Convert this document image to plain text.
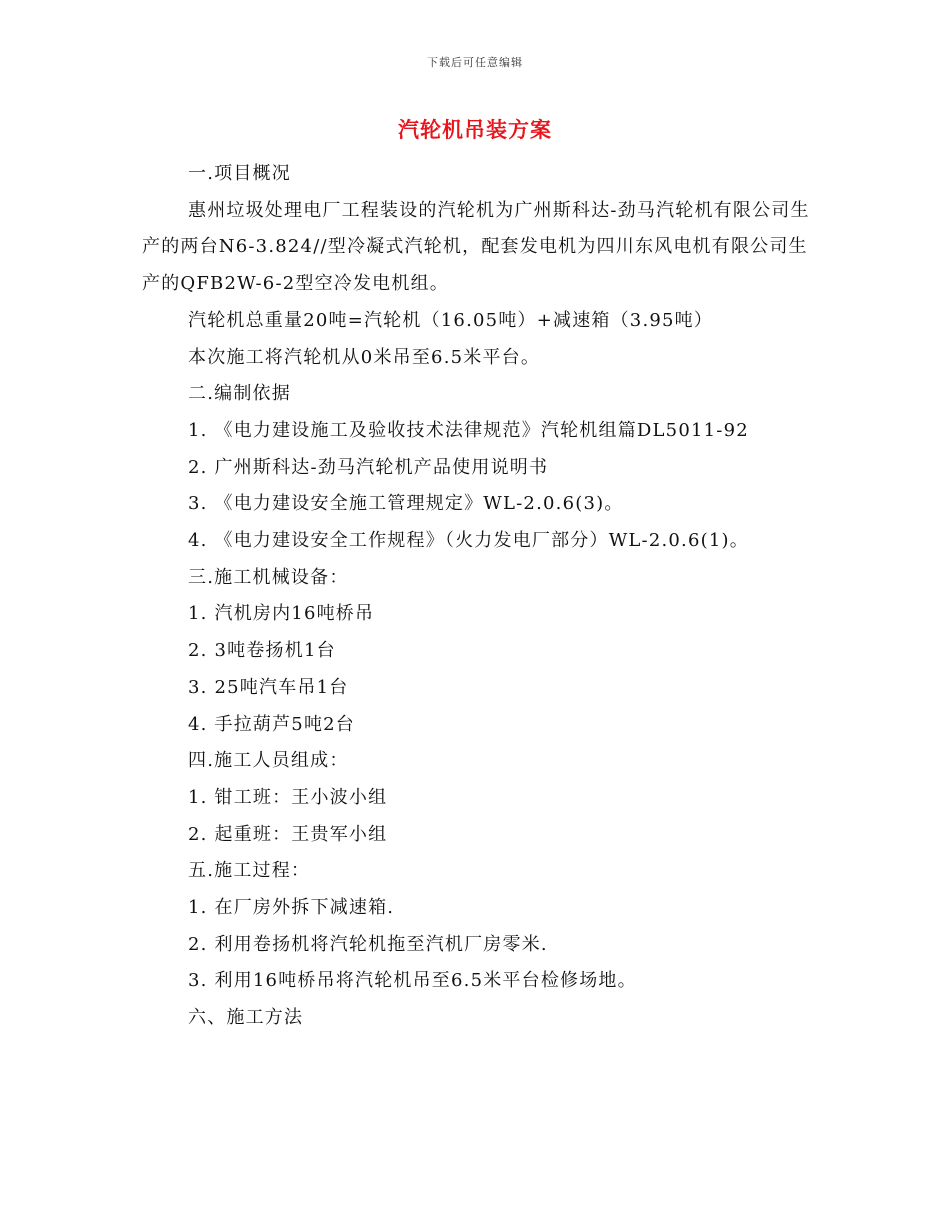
下载后可任意编辑
汽轮机吊装方案

一.项目概况

惠州垃圾处理电厂工程装设的汽轮机为广州斯科达-劲马汽轮机有限公司生产的两台N6-3.824//型冷凝式汽轮机，配套发电机为四川东风电机有限公司生产的QFB2W-6-2型空冷发电机组。

汽轮机总重量20吨=汽轮机（16.05吨）+减速箱（3.95吨）

本次施工将汽轮机从0米吊至6.5米平台。

二.编制依据

1. 《电力建设施工及验收技术法律规范》汽轮机组篇DL5011-92

2. 广州斯科达-劲马汽轮机产品使用说明书

3. 《电力建设安全施工管理规定》WL-2.0.6(3)。

4. 《电力建设安全工作规程》（火力发电厂部分）WL-2.0.6(1)。

三.施工机械设备：

1. 汽机房内16吨桥吊

2. 3吨卷扬机1台

3. 25吨汽车吊1台

4. 手拉葫芦5吨2台

四.施工人员组成：

1. 钳工班：王小波小组

2. 起重班：王贵军小组

五.施工过程：

1. 在厂房外拆下减速箱.

2. 利用卷扬机将汽轮机拖至汽机厂房零米.

3. 利用16吨桥吊将汽轮机吊至6.5米平台检修场地。

六、施工方法
